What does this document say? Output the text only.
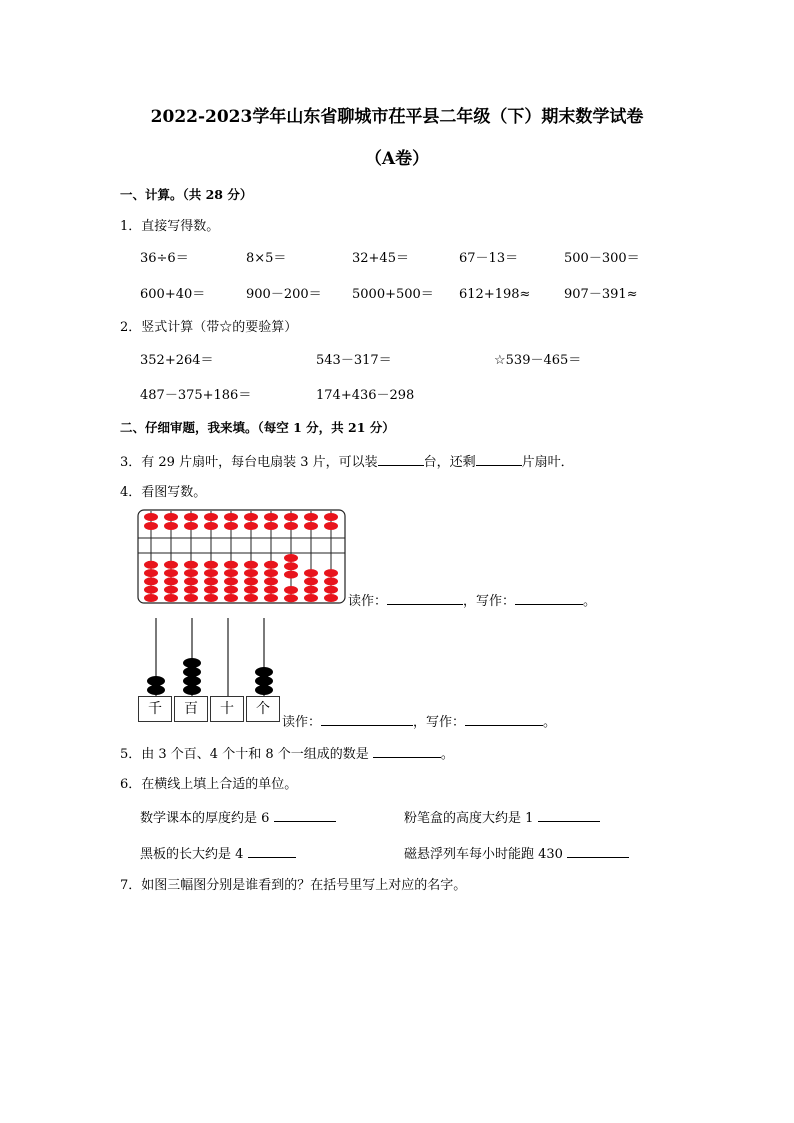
2022-2023学年山东省聊城市茌平县二年级（下）期末数学试卷
（A卷）
一、计算。（共 28 分）
1．直接写得数。
36÷6＝	8×5＝	32+45＝	67－13＝	500－300＝
600+40＝	900－200＝ 5000+500＝ 612+198≈	907－391≈
2．竖式计算（带☆的要验算）
352+264＝	543－317＝	☆539－465＝
487－375+186＝	174+436－298
二、仔细审题，我来填。（每空 1 分，共 21 分）
3．有 29 片扇叶，每台电扇装 3 片，可以装	台，还剩	片扇叶．
4．看图写数。
读作：	，写作：	。
千	百	十	个
读作：	，写作：	。
5．由 3 个百、4 个十和 8 个一组成的数是	。
6．在横线上填上合适的单位。
数学课本的厚度约是 6	粉笔盒的高度大约是 1
黑板的长大约是 4	磁悬浮列车每小时能跑 430
7．如图三幅图分别是谁看到的？在括号里写上对应的名字。
